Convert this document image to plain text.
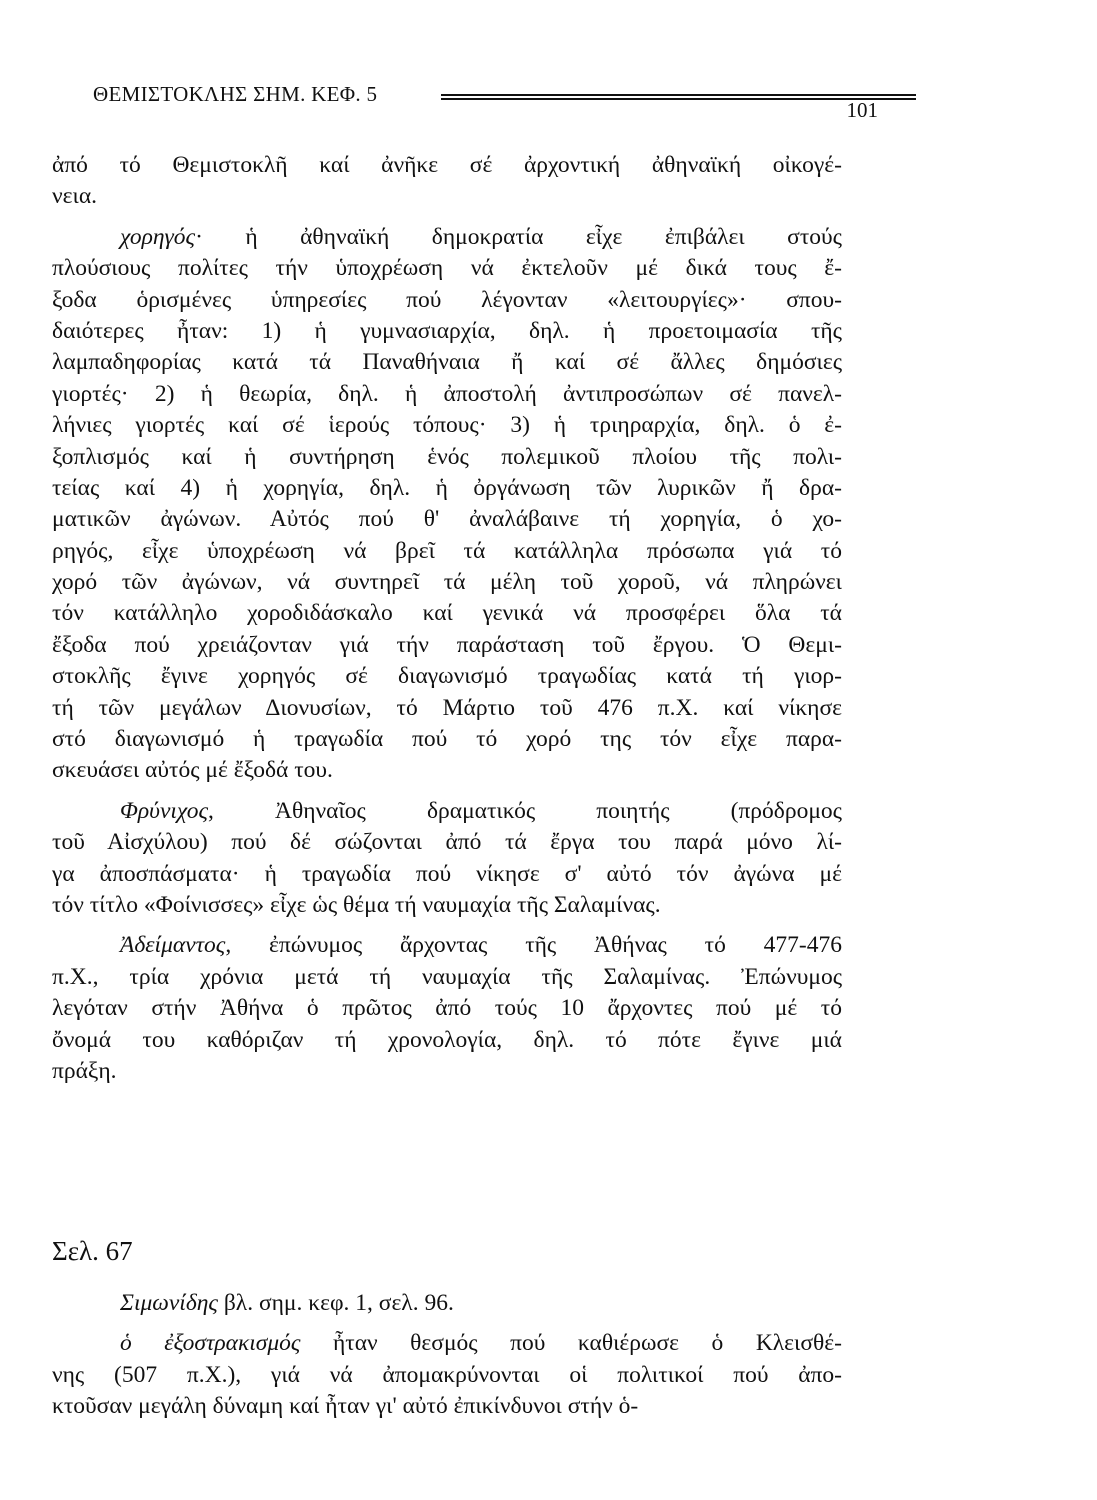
ΘΕΜΙΣΤΟΚΛΗΣ ΣΗΜ. ΚΕΦ. 5
101
ἀπό τό Θεμιστοκλῆ καί ἀνῆκε σέ ἀρχοντική ἀθηναϊκή οἰκογέ-
νεια.
χορηγός· ἡ ἀθηναϊκή δημοκρατία εἶχε ἐπιβάλει στούς
πλούσιους πολίτες τήν ὑποχρέωση νά ἐκτελοῦν μέ δικά τους ἔ-
ξοδα ὁρισμένες ὑπηρεσίες πού λέγονταν «λειτουργίες»· σπου-
δαιότερες ἦταν: 1) ἡ γυμνασιαρχία, δηλ. ἡ προετοιμασία τῆς
λαμπαδηφορίας κατά τά Παναθήναια ἤ καί σέ ἄλλες δημόσιες
γιορτές· 2) ἡ θεωρία, δηλ. ἡ ἀποστολή ἀντιπροσώπων σέ πανελ-
λήνιες γιορτές καί σέ ἱερούς τόπους· 3) ἡ τριηραρχία, δηλ. ὁ ἐ-
ξοπλισμός καί ἡ συντήρηση ἑνός πολεμικοῦ πλοίου τῆς πολι-
τείας καί 4) ἡ χορηγία, δηλ. ἡ ὀργάνωση τῶν λυρικῶν ἤ δρα-
ματικῶν ἀγώνων. Αὐτός πού θ' ἀναλάβαινε τή χορηγία, ὁ χο-
ρηγός, εἶχε ὑποχρέωση νά βρεῖ τά κατάλληλα πρόσωπα γιά τό
χορό τῶν ἀγώνων, νά συντηρεῖ τά μέλη τοῦ χοροῦ, νά πληρώνει
τόν κατάλληλο χοροδιδάσκαλο καί γενικά νά προσφέρει ὅλα τά
ἔξοδα πού χρειάζονταν γιά τήν παράσταση τοῦ ἔργου. Ὁ Θεμι-
στοκλῆς ἔγινε χορηγός σέ διαγωνισμό τραγωδίας κατά τή γιορ-
τή τῶν μεγάλων Διονυσίων, τό Μάρτιο τοῦ 476 π.Χ. καί νίκησε
στό διαγωνισμό ἡ τραγωδία πού τό χορό της τόν εἶχε παρα-
σκευάσει αὐτός μέ ἔξοδά του.
Φρύνιχος, Ἀθηναῖος δραματικός ποιητής (πρόδρομος
τοῦ Αἰσχύλου) πού δέ σώζονται ἀπό τά ἔργα του παρά μόνο λί-
γα ἀποσπάσματα· ἡ τραγωδία πού νίκησε σ' αὐτό τόν ἀγώνα μέ
τόν τίτλο «Φοίνισσες» εἶχε ὡς θέμα τή ναυμαχία τῆς Σαλαμίνας.
Ἀδείμαντος, ἐπώνυμος ἄρχοντας τῆς Ἀθήνας τό 477-476
π.Χ., τρία χρόνια μετά τή ναυμαχία τῆς Σαλαμίνας. Ἐπώνυμος
λεγόταν στήν Ἀθήνα ὁ πρῶτος ἀπό τούς 10 ἄρχοντες πού μέ τό
ὄνομά του καθόριζαν τή χρονολογία, δηλ. τό πότε ἔγινε μιά
πράξη.
Σελ. 67
Σιμωνίδης βλ. σημ. κεφ. 1, σελ. 96.
ὁ ἐξοστρακισμός ἦταν θεσμός πού καθιέρωσε ὁ Κλεισθέ-
νης (507 π.Χ.), γιά νά ἀπομακρύνονται οἱ πολιτικοί πού ἀπο-
κτοῦσαν μεγάλη δύναμη καί ἦταν γι' αὐτό ἐπικίνδυνοι στήν ὁ-
